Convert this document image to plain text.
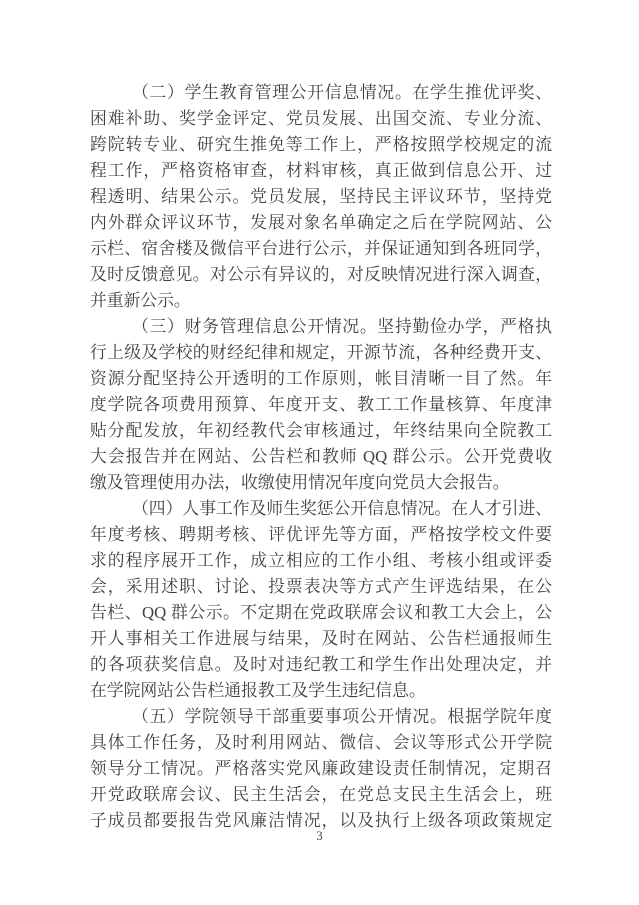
（二）学生教育管理公开信息情况。在学生推优评奖、
困难补助、奖学金评定、党员发展、出国交流、专业分流、
跨院转专业、研究生推免等工作上，严格按照学校规定的流
程工作，严格资格审查，材料审核，真正做到信息公开、过
程透明、结果公示。党员发展，坚持民主评议环节，坚持党
内外群众评议环节，发展对象名单确定之后在学院网站、公
示栏、宿舍楼及微信平台进行公示，并保证通知到各班同学，
及时反馈意见。对公示有异议的，对反映情况进行深入调查，
并重新公示。
（三）财务管理信息公开情况。坚持勤俭办学，严格执
行上级及学校的财经纪律和规定，开源节流，各种经费开支、
资源分配坚持公开透明的工作原则，帐目清晰一目了然。年
度学院各项费用预算、年度开支、教工工作量核算、年度津
贴分配发放，年初经教代会审核通过，年终结果向全院教工
大会报告并在网站、公告栏和教师 QQ 群公示。公开党费收
缴及管理使用办法，收缴使用情况年度向党员大会报告。
（四）人事工作及师生奖惩公开信息情况。在人才引进、
年度考核、聘期考核、评优评先等方面，严格按学校文件要
求的程序展开工作，成立相应的工作小组、考核小组或评委
会，采用述职、讨论、投票表决等方式产生评选结果，在公
告栏、QQ 群公示。不定期在党政联席会议和教工大会上，公
开人事相关工作进展与结果，及时在网站、公告栏通报师生
的各项获奖信息。及时对违纪教工和学生作出处理决定，并
在学院网站公告栏通报教工及学生违纪信息。
（五）学院领导干部重要事项公开情况。根据学院年度
具体工作任务，及时利用网站、微信、会议等形式公开学院
领导分工情况。严格落实党风廉政建设责任制情况，定期召
开党政联席会议、民主生活会，在党总支民主生活会上，班
子成员都要报告党风廉洁情况，以及执行上级各项政策规定
3
